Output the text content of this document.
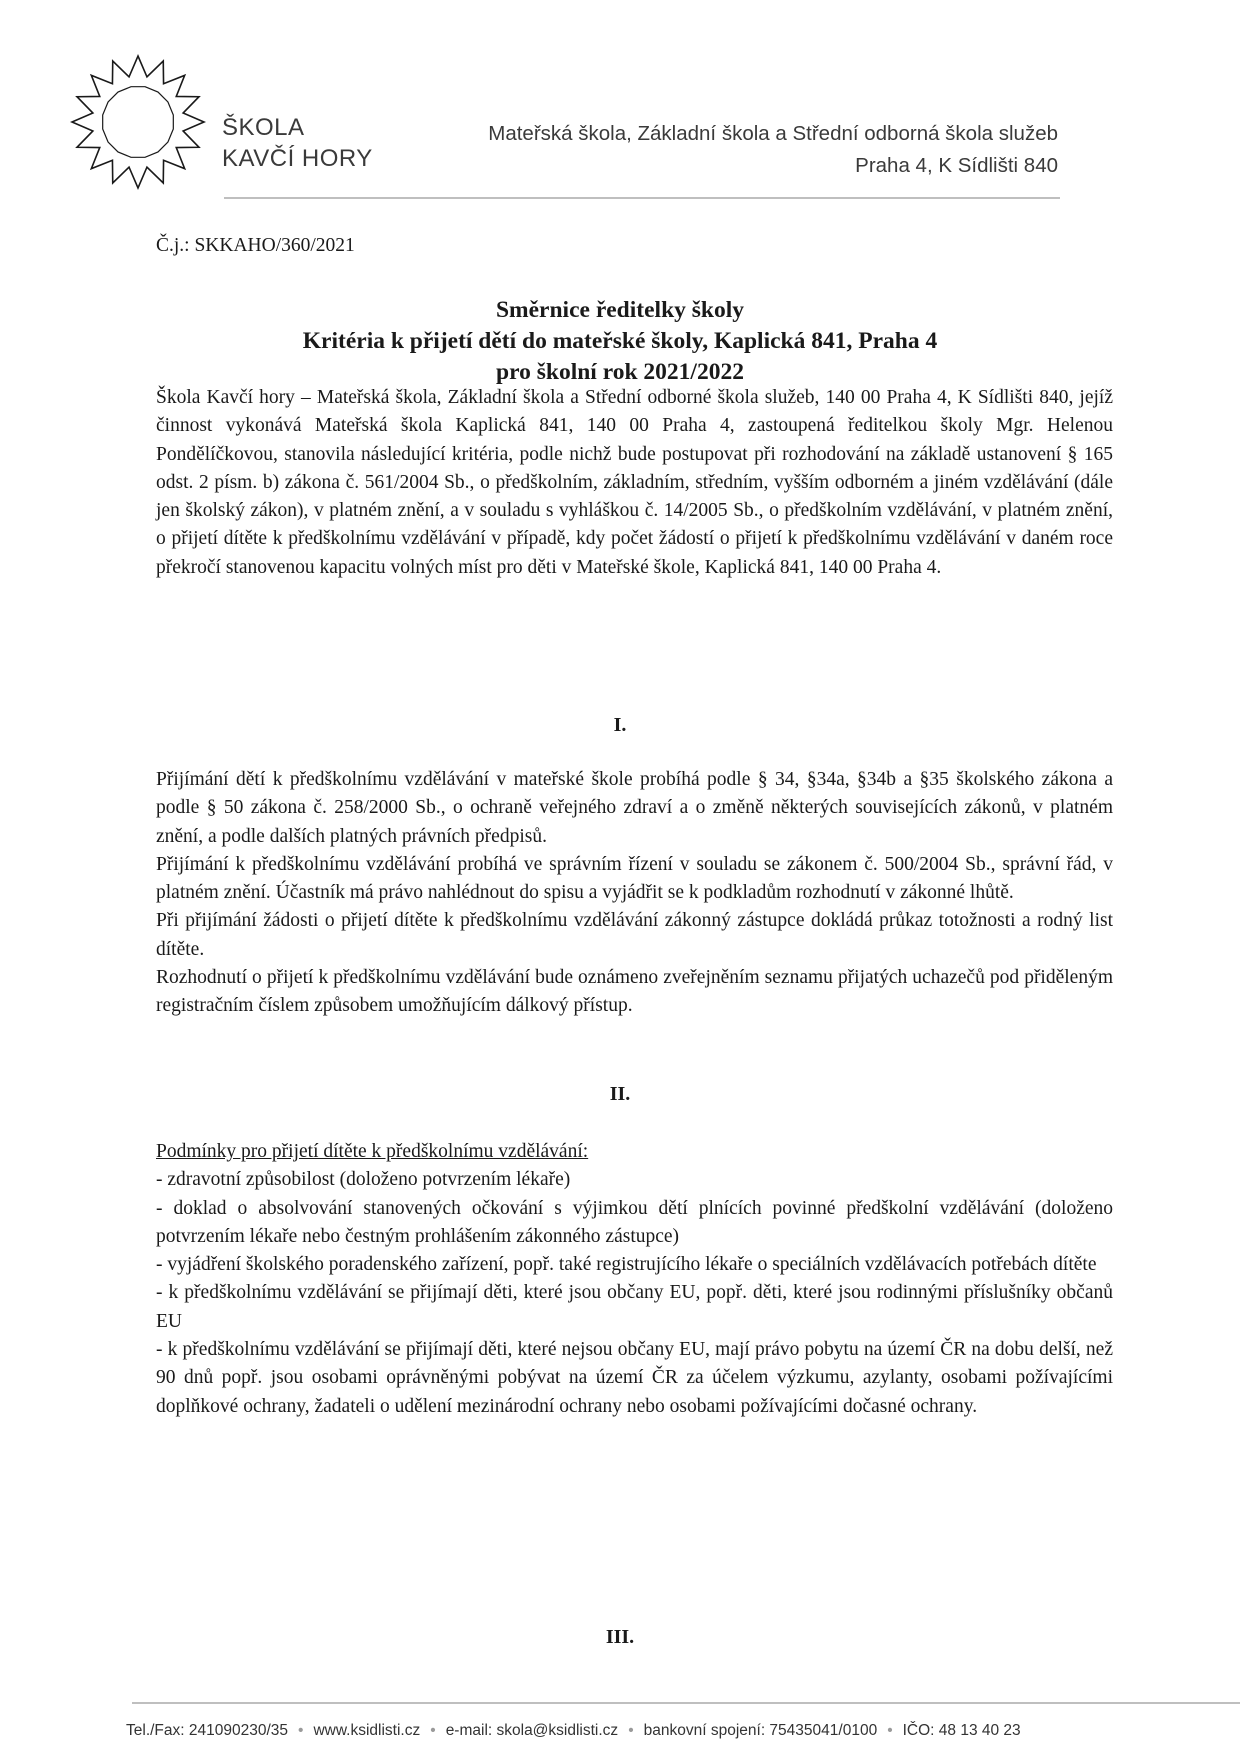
ŠKOLA
KAVČÍ HORY
Mateřská škola, Základní škola a Střední odborná škola služeb
Praha 4, K Sídlišti 840
Č.j.: SKKAHO/360/2021
Směrnice ředitelky školy
Kritéria k přijetí dětí do mateřské školy, Kaplická 841, Praha 4
pro školní rok 2021/2022

Škola Kavčí hory – Mateřská škola, Základní škola a Střední odborné škola služeb, 140 00 Praha 4, K Sídlišti 840, jejíž činnost vykonává Mateřská škola Kaplická 841, 140 00 Praha 4, zastoupená ředitelkou školy Mgr. Helenou Pondělíčkovou, stanovila následující kritéria, podle nichž bude postupovat při rozhodování na základě ustanovení § 165 odst. 2 písm. b) zákona č. 561/2004 Sb., o předškolním, základním, středním, vyšším odborném a jiném vzdělávání (dále jen školský zákon), v platném znění, a v souladu s vyhláškou č. 14/2005 Sb., o předškolním vzdělávání, v platném znění, o přijetí dítěte k předškolnímu vzdělávání v případě, kdy počet žádostí o přijetí k předškolnímu vzdělávání v daném roce překročí stanovenou kapacitu volných míst pro děti v Mateřské škole, Kaplická 841, 140 00 Praha 4.

I.

Přijímání dětí k předškolnímu vzdělávání v mateřské škole probíhá podle § 34, §34a, §34b a §35 školského zákona a podle § 50 zákona č. 258/2000 Sb., o ochraně veřejného zdraví a o změně některých souvisejících zákonů, v platném znění, a podle dalších platných právních předpisů.

Přijímání k předškolnímu vzdělávání probíhá ve správním řízení v souladu se zákonem č. 500/2004 Sb., správní řád, v platném znění. Účastník má právo nahlédnout do spisu a vyjádřit se k podkladům rozhodnutí v zákonné lhůtě.

Při přijímání žádosti o přijetí dítěte k předškolnímu vzdělávání zákonný zástupce dokládá průkaz totožnosti a rodný list dítěte.

Rozhodnutí o přijetí k předškolnímu vzdělávání bude oznámeno zveřejněním seznamu přijatých uchazečů pod přiděleným registračním číslem způsobem umožňujícím dálkový přístup.

II.

Podmínky pro přijetí dítěte k předškolnímu vzdělávání:

- zdravotní způsobilost (doloženo potvrzením lékaře)

- doklad o absolvování stanovených očkování s výjimkou dětí plnících povinné předškolní vzdělávání (doloženo potvrzením lékaře nebo čestným prohlášením zákonného zástupce)

- vyjádření školského poradenského zařízení, popř. také registrujícího lékaře o speciálních vzdělávacích potřebách dítěte

- k předškolnímu vzdělávání se přijímají děti, které jsou občany EU, popř. děti, které jsou rodinnými příslušníky občanů EU

- k předškolnímu vzdělávání se přijímají děti, které nejsou občany EU, mají právo pobytu na území ČR na dobu delší, než 90 dnů popř. jsou osobami oprávněnými pobývat na území ČR za účelem výzkumu, azylanty, osobami požívajícími doplňkové ochrany, žadateli o udělení mezinárodní ochrany nebo osobami požívajícími dočasné ochrany.

III.
Tel./Fax: 241090230/35 • www.ksidlisti.cz • e-mail: skola@ksidlisti.cz • bankovní spojení: 75435041/0100 • IČO: 48 13 40 23
